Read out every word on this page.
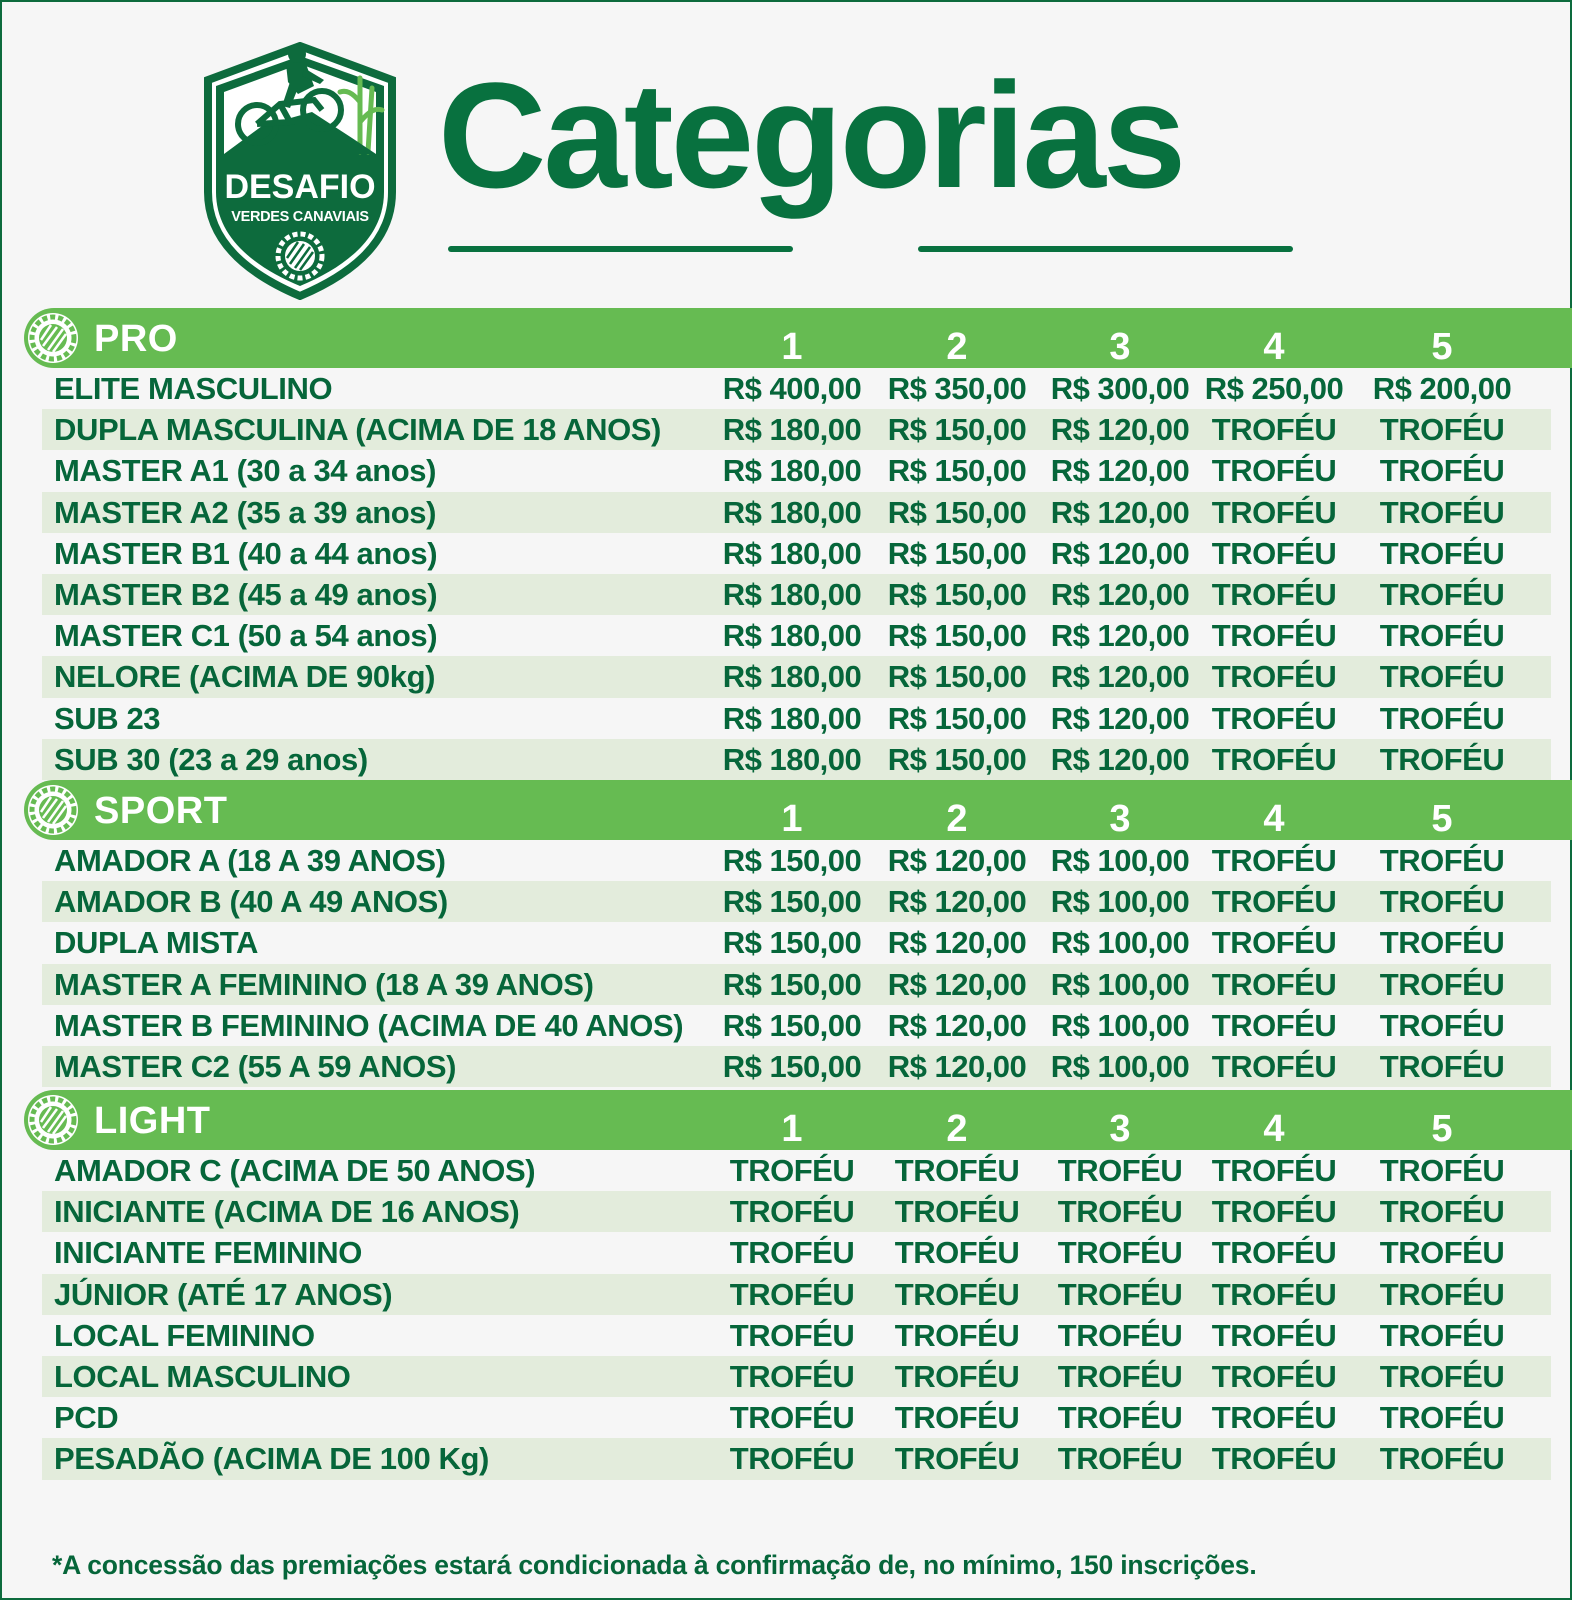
DESAFIO
VERDES CANAVIAIS Categorias
PRO	1	2	3	4	5
ELITE MASCULINO	R$ 400,00 R$ 350,00 R$ 300,00 R$ 250,00 R$ 200,00
DUPLA MASCULINA (ACIMA DE 18 ANOS)	R$ 180,00 R$ 150,00 R$ 120,00 TROFÉU	TROFÉU
MASTER A1 (30 a 34 anos)	R$ 180,00 R$ 150,00 R$ 120,00 TROFÉU	TROFÉU
MASTER A2 (35 a 39 anos)	R$ 180,00 R$ 150,00 R$ 120,00 TROFÉU	TROFÉU
MASTER B1 (40 a 44 anos)	R$ 180,00 R$ 150,00 R$ 120,00 TROFÉU	TROFÉU
MASTER B2 (45 a 49 anos)	R$ 180,00 R$ 150,00 R$ 120,00 TROFÉU	TROFÉU
MASTER C1 (50 a 54 anos)	R$ 180,00 R$ 150,00 R$ 120,00 TROFÉU	TROFÉU
NELORE (ACIMA DE 90kg)	R$ 180,00 R$ 150,00 R$ 120,00 TROFÉU	TROFÉU
SUB 23	R$ 180,00 R$ 150,00 R$ 120,00 TROFÉU	TROFÉU
SUB 30 (23 a 29 anos)	R$ 180,00 R$ 150,00 R$ 120,00 TROFÉU	TROFÉU
SPORT	1	2	3	4	5
AMADOR A (18 A 39 ANOS)	R$ 150,00 R$ 120,00 R$ 100,00 TROFÉU	TROFÉU
AMADOR B (40 A 49 ANOS)	R$ 150,00 R$ 120,00 R$ 100,00 TROFÉU	TROFÉU
DUPLA MISTA	R$ 150,00 R$ 120,00 R$ 100,00 TROFÉU	TROFÉU
MASTER A FEMININO (18 A 39 ANOS)	R$ 150,00 R$ 120,00 R$ 100,00 TROFÉU	TROFÉU
MASTER B FEMININO (ACIMA DE 40 ANOS)	R$ 150,00 R$ 120,00 R$ 100,00 TROFÉU	TROFÉU
MASTER C2 (55 A 59 ANOS)	R$ 150,00 R$ 120,00 R$ 100,00 TROFÉU	TROFÉU
LIGHT	1	2	3	4	5
AMADOR C (ACIMA DE 50 ANOS)	TROFÉU	TROFÉU	TROFÉU TROFÉU	TROFÉU
INICIANTE (ACIMA DE 16 ANOS)	TROFÉU	TROFÉU	TROFÉU TROFÉU	TROFÉU
INICIANTE FEMININO	TROFÉU	TROFÉU	TROFÉU TROFÉU	TROFÉU
JÚNIOR (ATÉ 17 ANOS)	TROFÉU	TROFÉU	TROFÉU TROFÉU	TROFÉU
LOCAL FEMININO	TROFÉU	TROFÉU	TROFÉU TROFÉU	TROFÉU
LOCAL MASCULINO	TROFÉU	TROFÉU	TROFÉU TROFÉU	TROFÉU
PCD	TROFÉU	TROFÉU	TROFÉU TROFÉU	TROFÉU
PESADÃO (ACIMA DE 100 Kg)	TROFÉU	TROFÉU	TROFÉU TROFÉU	TROFÉU
*A concessão das premiações estará condicionada à confirmação de, no mínimo, 150 inscrições.
